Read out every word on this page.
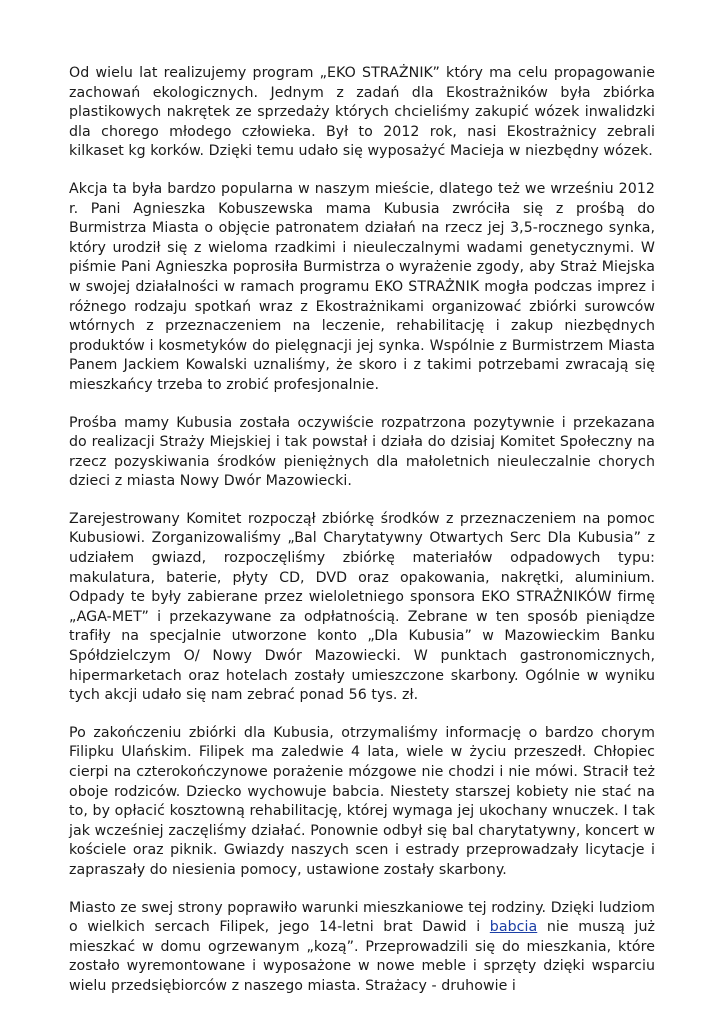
Od wielu lat realizujemy program „EKO STRAŻNIK” który ma celu propagowanie zachowań ekologicznych. Jednym z zadań dla Ekostrażników była zbiórka plastikowych nakrętek ze sprzedaży których chcieliśmy zakupić wózek inwalidzki dla chorego młodego człowieka. Był to 2012 rok, nasi Ekostrażnicy zebrali kilkaset kg korków. Dzięki temu udało się wyposażyć Macieja w niezbędny wózek.

Akcja ta była bardzo popularna w naszym mieście, dlatego też we wrześniu 2012 r. Pani Agnieszka Kobuszewska mama Kubusia zwróciła się z prośbą do Burmistrza Miasta o objęcie patronatem działań na rzecz jej 3,5-rocznego synka, który urodził się z wieloma rzadkimi i nieuleczalnymi wadami genetycznymi. W piśmie Pani Agnieszka poprosiła Burmistrza o wyrażenie zgody, aby Straż Miejska w swojej działalności w ramach programu EKO STRAŻNIK mogła podczas imprez i różnego rodzaju spotkań wraz z Ekostrażnikami organizować zbiórki surowców wtórnych z przeznaczeniem na leczenie, rehabilitację i zakup niezbędnych produktów i kosmetyków do pielęgnacji jej synka. Wspólnie z Burmistrzem Miasta Panem Jackiem Kowalski uznaliśmy, że skoro i z takimi potrzebami zwracają się mieszkańcy trzeba to zrobić profesjonalnie.

Prośba mamy Kubusia została oczywiście rozpatrzona pozytywnie i przekazana do realizacji Straży Miejskiej i tak powstał i działa do dzisiaj Komitet Społeczny na rzecz pozyskiwania środków pieniężnych dla małoletnich nieuleczalnie chorych dzieci z miasta Nowy Dwór Mazowiecki.

Zarejestrowany Komitet rozpoczął zbiórkę środków z przeznaczeniem na pomoc Kubusiowi. Zorganizowaliśmy „Bal Charytatywny Otwartych Serc Dla Kubusia” z udziałem gwiazd, rozpoczęliśmy zbiórkę materiałów odpadowych typu: makulatura, baterie, płyty CD, DVD oraz opakowania, nakrętki, aluminium. Odpady te były zabierane przez wieloletniego sponsora EKO STRAŻNIKÓW firmę „AGA-MET” i przekazywane za odpłatnością. Zebrane w ten sposób pieniądze trafiły na specjalnie utworzone konto „Dla Kubusia” w Mazowieckim Banku Spółdzielczym O/ Nowy Dwór Mazowiecki. W punktach gastronomicznych, hipermarketach oraz hotelach zostały umieszczone skarbony. Ogólnie w wyniku tych akcji udało się nam zebrać ponad 56 tys. zł.

Po zakończeniu zbiórki dla Kubusia, otrzymaliśmy informację o bardzo chorym Filipku Ulańskim. Filipek ma zaledwie 4 lata, wiele w życiu przeszedł. Chłopiec cierpi na czterokończynowe porażenie mózgowe nie chodzi i nie mówi. Stracił też oboje rodziców. Dziecko wychowuje babcia. Niestety starszej kobiety nie stać na to, by opłacić kosztowną rehabilitację, której wymaga jej ukochany wnuczek. I tak jak wcześniej zaczęliśmy działać. Ponownie odbył się bal charytatywny, koncert w kościele oraz piknik. Gwiazdy naszych scen i estrady przeprowadzały licytacje i zapraszały do niesienia pomocy, ustawione zostały skarbony.

Miasto ze swej strony poprawiło warunki mieszkaniowe tej rodziny. Dzięki ludziom o wielkich sercach Filipek, jego 14-letni brat Dawid i babcia nie muszą już mieszkać w domu ogrzewanym „kozą”. Przeprowadzili się do mieszkania, które zostało wyremontowane i wyposażone w nowe meble i sprzęty dzięki wsparciu wielu przedsiębiorców z naszego miasta. Strażacy - druhowie i
